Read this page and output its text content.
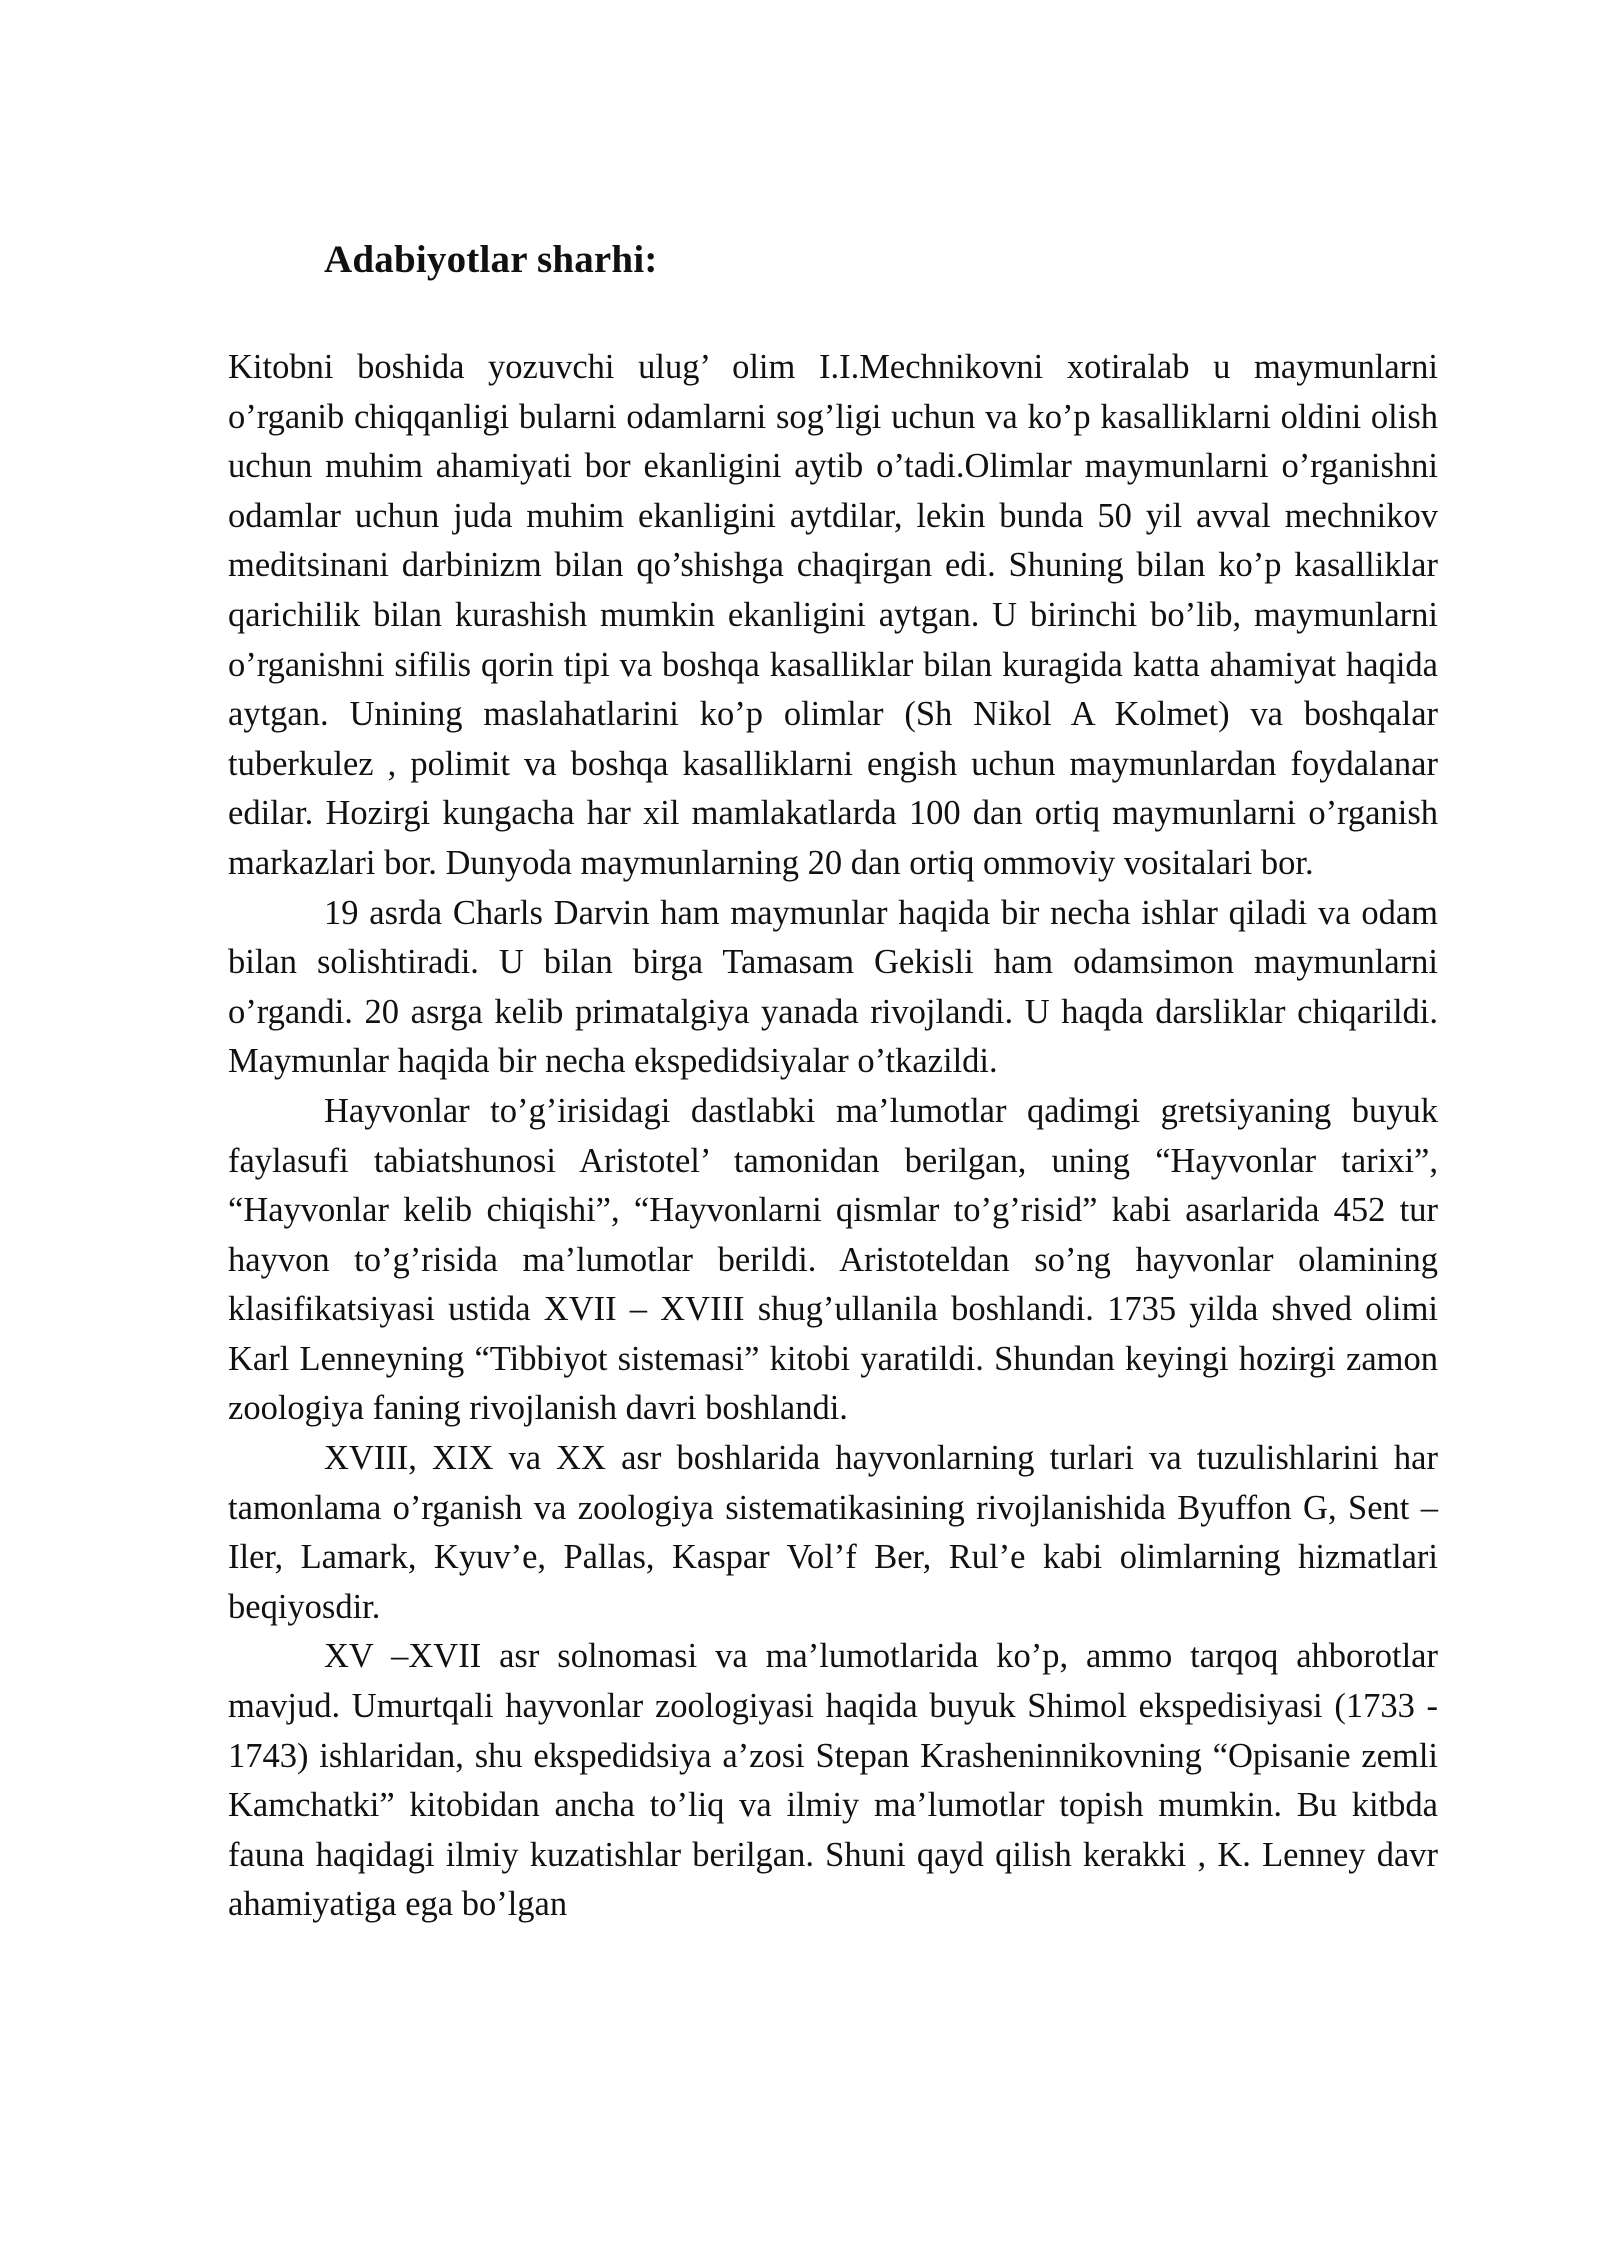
Adabiyotlar sharhi:

Kitobni boshida yozuvchi ulug’ olim I.I.Mechnikovni xotiralab u maymunlarni o’rganib chiqqanligi bularni odamlarni sog’ligi uchun va ko’p kasalliklarni oldini olish uchun muhim ahamiyati bor ekanligini aytib o’tadi.Olimlar maymunlarni o’rganishni odamlar uchun juda muhim ekanligini aytdilar, lekin bunda 50 yil avval mechnikov meditsinani darbinizm bilan qo’shishga chaqirgan edi. Shuning bilan ko’p kasalliklar qarichilik bilan kurashish mumkin ekanligini aytgan. U birinchi bo’lib, maymunlarni o’rganishni sifilis qorin tipi va boshqa kasalliklar bilan kuragida katta ahamiyat haqida aytgan. Unining maslahatlarini ko’p olimlar (Sh Nikol A Kolmet) va boshqalar tuberkulez , polimit va boshqa kasalliklarni engish uchun maymunlardan foydalanar edilar. Hozirgi kungacha har xil mamlakatlarda 100 dan ortiq maymunlarni o’rganish markazlari bor. Dunyoda maymunlarning 20 dan ortiq ommoviy vositalari bor.

19 asrda Charls Darvin ham maymunlar haqida bir necha ishlar qiladi va odam bilan solishtiradi. U bilan birga Tamasam Gekisli ham odamsimon maymunlarni o’rgandi. 20 asrga kelib primatalgiya yanada rivojlandi. U haqda darsliklar chiqarildi. Maymunlar haqida bir necha ekspedidsiyalar o’tkazildi.

Hayvonlar to’g’irisidagi dastlabki ma’lumotlar qadimgi gretsiyaning buyuk faylasufi tabiatshunosi Aristotel’ tamonidan berilgan, uning “Hayvonlar tarixi”, “Hayvonlar kelib chiqishi”, “Hayvonlarni qismlar to’g’risid” kabi asarlarida 452 tur hayvon to’g’risida ma’lumotlar berildi. Aristoteldan so’ng hayvonlar olamining klasifikatsiyasi ustida XVII – XVIII shug’ullanila boshlandi. 1735 yilda shved olimi Karl Lenneyning “Tibbiyot sistemasi” kitobi yaratildi. Shundan keyingi hozirgi zamon zoologiya faning rivojlanish davri boshlandi.

XVIII, XIX va XX asr boshlarida hayvonlarning turlari va tuzulishlarini har tamonlama o’rganish va zoologiya sistematikasining rivojlanishida Byuffon G, Sent – Iler, Lamark, Kyuv’e, Pallas, Kaspar Vol’f Ber, Rul’e kabi olimlarning hizmatlari beqiyosdir.

XV –XVII asr solnomasi va ma’lumotlarida ko’p, ammo tarqoq ahborotlar mavjud. Umurtqali hayvonlar zoologiyasi haqida buyuk Shimol ekspedisiyasi (1733 - 1743) ishlaridan, shu ekspedidsiya a’zosi Stepan Krasheninnikovning “Opisanie zemli Kamchatki” kitobidan ancha to’liq va ilmiy ma’lumotlar topish mumkin. Bu kitbda fauna haqidagi ilmiy kuzatishlar berilgan. Shuni qayd qilish kerakki , K. Lenney davr ahamiyatiga ega bo’lgan
